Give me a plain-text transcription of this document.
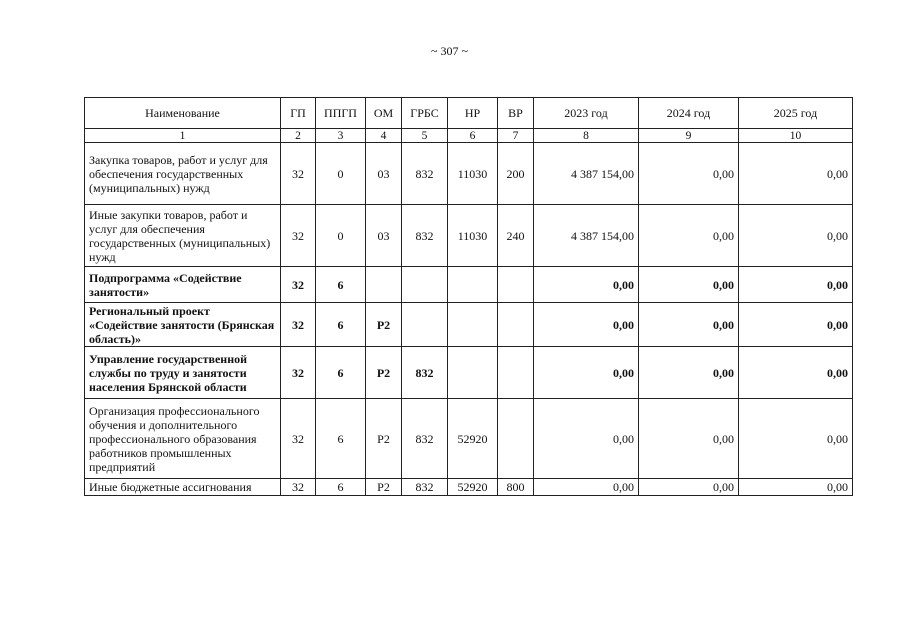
~ 307 ~
Наименование	ГП	ППГП	ОМ	ГРБС	НР	ВР	2023 год	2024 год	2025 год
1	2	3	4	5	6	7	8	9	10
Закупка товаров, работ и услуг для обеспечения государственных (муниципальных) нужд	32	0	03	832	11030	200	4 387 154,00	0,00	0,00
Иные закупки товаров, работ и услуг для обеспечения государственных (муниципальных) нужд	32	0	03	832	11030	240	4 387 154,00	0,00	0,00
Подпрограмма «Содействие занятости»	32	6					0,00	0,00	0,00
Региональный проект «Содействие занятости (Брянская область)»	32	6	P2				0,00	0,00	0,00
Управление государственной службы по труду и занятости населения Брянской области	32	6	P2	832			0,00	0,00	0,00
Организация профессионального обучения и дополнительного профессионального образования работников промышленных предприятий	32	6	P2	832	52920		0,00	0,00	0,00
Иные бюджетные ассигнования	32	6	P2	832	52920	800	0,00	0,00	0,00
